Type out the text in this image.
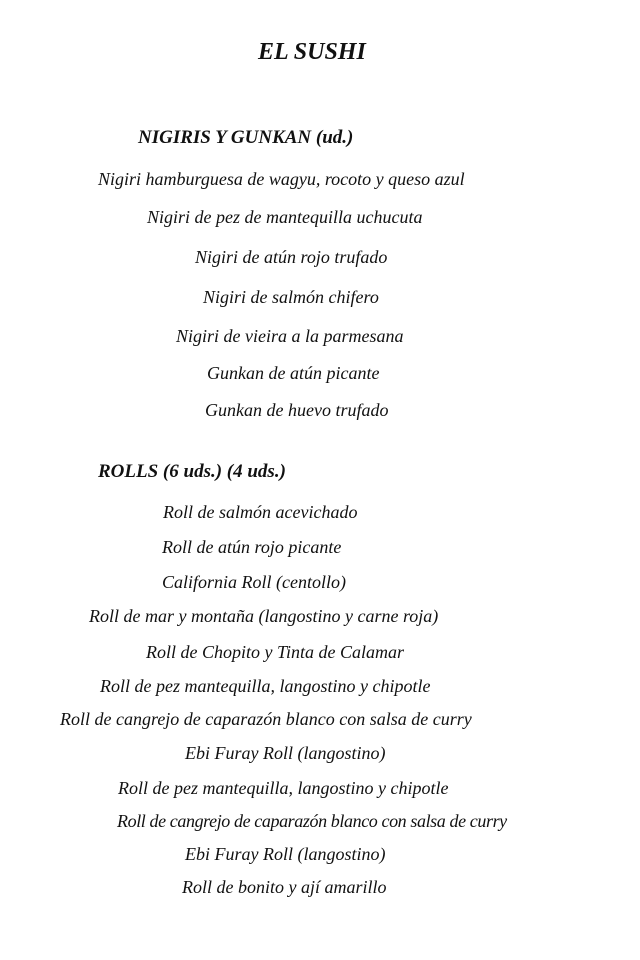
EL SUSHI
NIGIRIS Y GUNKAN (ud.)
Nigiri hamburguesa de wagyu, rocoto y queso azul
Nigiri de pez de mantequilla uchucuta
Nigiri de atún rojo trufado
Nigiri de salmón chifero
Nigiri de vieira a la parmesana
Gunkan de atún picante
Gunkan de huevo trufado
ROLLS (6 uds.) (4 uds.)
Roll de salmón acevichado
Roll de atún rojo picante
California Roll (centollo)
Roll de mar y montaña (langostino y carne roja)
Roll de Chopito y Tinta de Calamar
Roll de pez mantequilla, langostino y chipotle
Roll de cangrejo de caparazón blanco con salsa de curry
Ebi Furay Roll (langostino)
Roll de pez mantequilla, langostino y chipotle
Roll de cangrejo de caparazón blanco con salsa de curry
Ebi Furay Roll (langostino)
Roll de bonito y ají amarillo
